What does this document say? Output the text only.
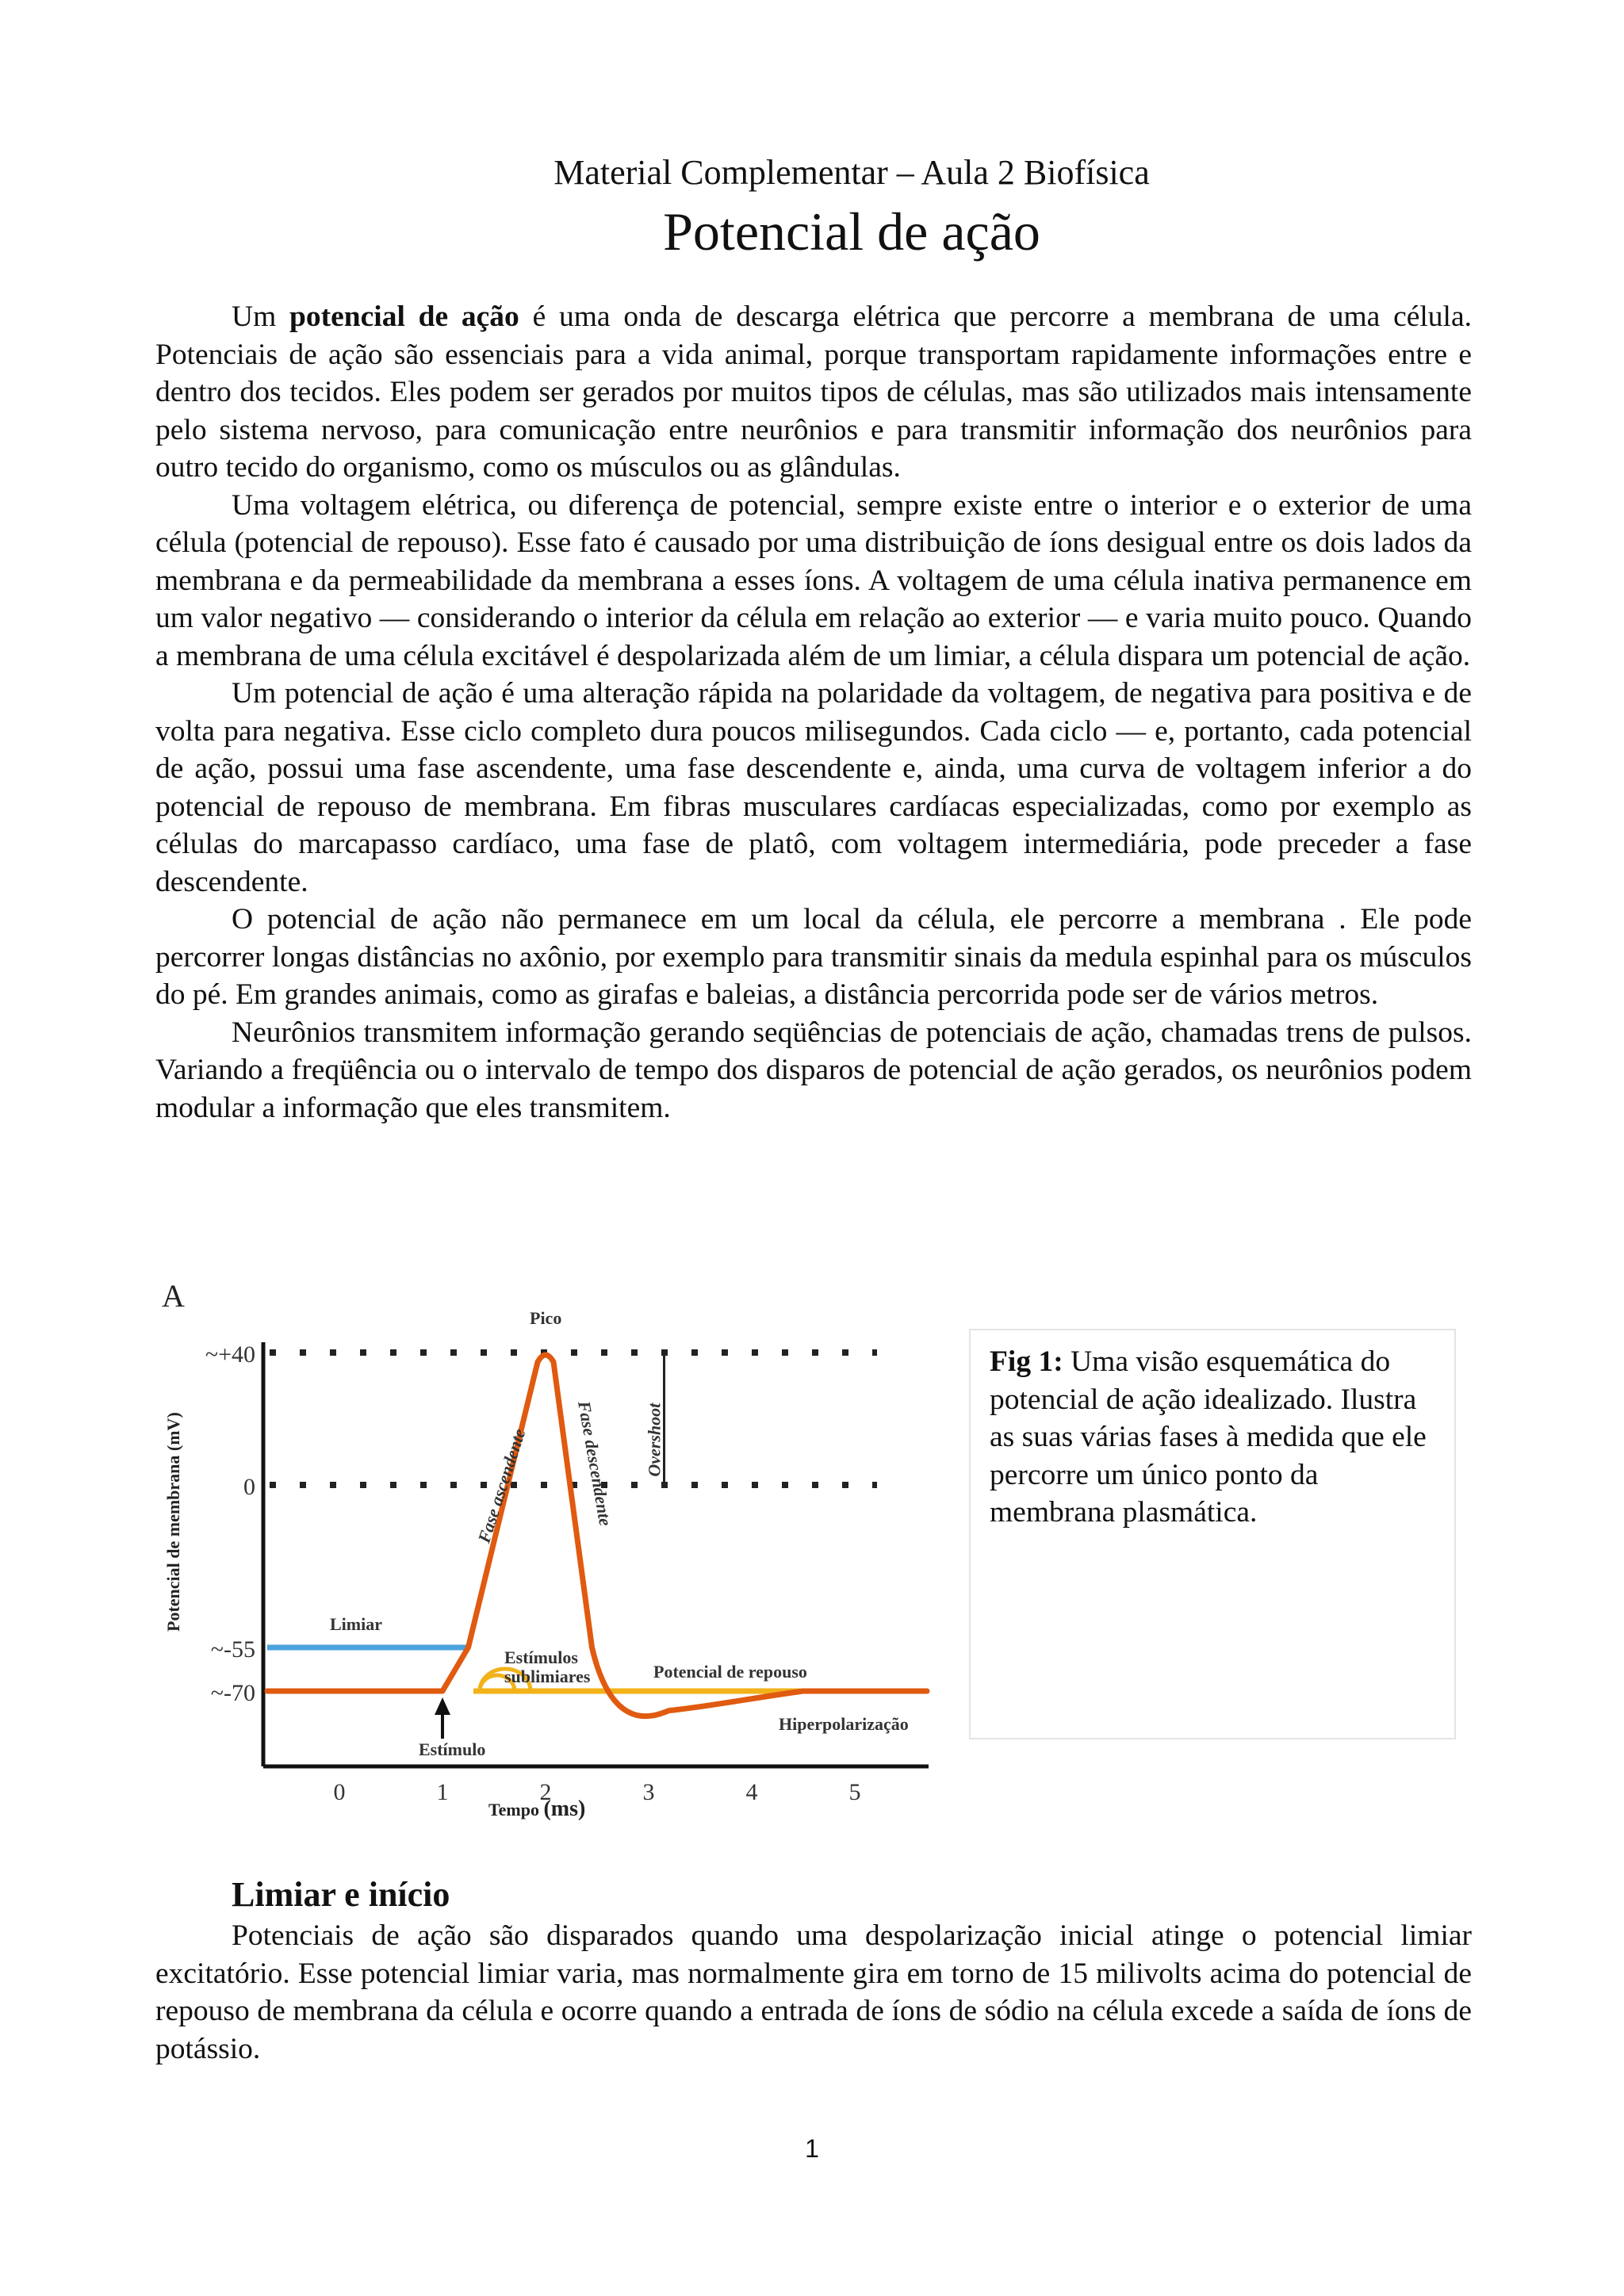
Material Complementar – Aula 2 Biofísica
Potencial de ação

Um potencial de ação é uma onda de descarga elétrica que percorre a membrana de uma célula. Potenciais de ação são essenciais para a vida animal, porque transportam rapidamente informações entre e dentro dos tecidos. Eles podem ser gerados por muitos tipos de células, mas são utilizados mais intensamente pelo sistema nervoso, para comunicação entre neurônios e para transmitir informação dos neurônios para outro tecido do organismo, como os músculos ou as glândulas.

Uma voltagem elétrica, ou diferença de potencial, sempre existe entre o interior e o exterior de uma célula (potencial de repouso). Esse fato é causado por uma distribuição de íons desigual entre os dois lados da membrana e da permeabilidade da membrana a esses íons. A voltagem de uma célula inativa permanence em um valor negativo — considerando o interior da célula em relação ao exterior — e varia muito pouco. Quando a membrana de uma célula excitável é despolarizada além de um limiar, a célula dispara um potencial de ação.

Um potencial de ação é uma alteração rápida na polaridade da voltagem, de negativa para positiva e de volta para negativa. Esse ciclo completo dura poucos milisegundos. Cada ciclo — e, portanto, cada potencial de ação, possui uma fase ascendente, uma fase descendente e, ainda, uma curva de voltagem inferior a do potencial de repouso de membrana. Em fibras musculares cardíacas especializadas, como por exemplo as células do marcapasso cardíaco, uma fase de platô, com voltagem intermediária, pode preceder a fase descendente.

O potencial de ação não permanece em um local da célula, ele percorre a membrana . Ele pode percorrer longas distâncias no axônio, por exemplo para transmitir sinais da medula espinhal para os músculos do pé. Em grandes animais, como as girafas e baleias, a distância percorrida pode ser de vários metros.

Neurônios transmitem informação gerando seqüências de potenciais de ação, chamadas trens de pulsos. Variando a freqüência ou o intervalo de tempo dos disparos de potencial de ação gerados, os neurônios podem modular a informação que eles transmitem.

A
Potencial de membrana (mV)
Tempo (ms)
~+40
0
~-55
~-70
0	1	2	3	4	5
Pico
Limiar
Estímulos
sublimiares	Potencial de repouso
Hiperpolarização
Estímulo
Fase ascendente	Fase descendente Overshoot
Fig 1: Uma visão esquemática do potencial de ação idealizado. Ilustra as suas várias fases à medida que ele percorre um único ponto da membrana plasmática.
Limiar e início

Potenciais de ação são disparados quando uma despolarização inicial atinge o potencial limiar excitatório. Esse potencial limiar varia, mas normalmente gira em torno de 15 milivolts acima do potencial de repouso de membrana da célula e ocorre quando a entrada de íons de sódio na célula excede a saída de íons de potássio.

1
